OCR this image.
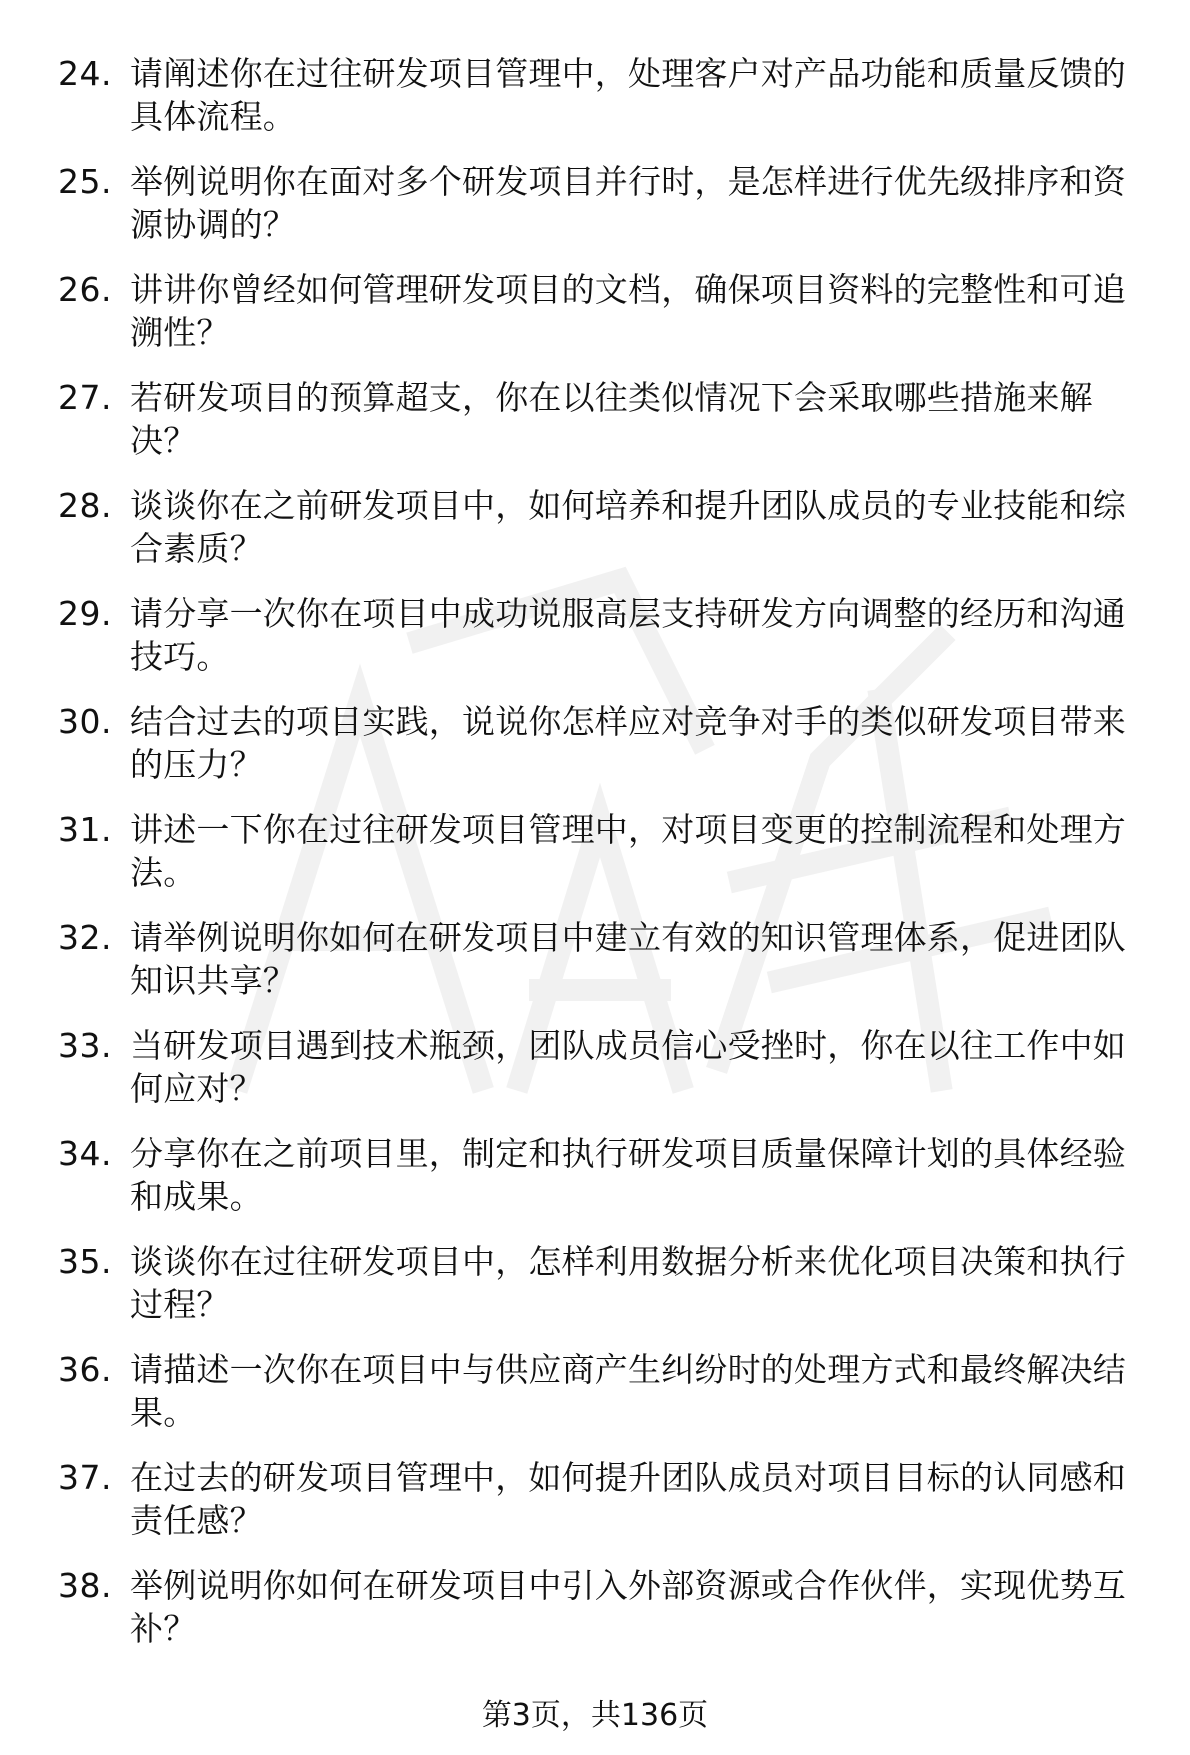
24. 请阐述你在过往研发项目管理中，处理客户对产品功能和质量反馈的具体流程。
25. 举例说明你在面对多个研发项目并行时，是怎样进行优先级排序和资源协调的？
26. 讲讲你曾经如何管理研发项目的文档，确保项目资料的完整性和可追溯性？
27. 若研发项目的预算超支，你在以往类似情况下会采取哪些措施来解决？
28. 谈谈你在之前研发项目中，如何培养和提升团队成员的专业技能和综合素质？
29. 请分享一次你在项目中成功说服高层支持研发方向调整的经历和沟通技巧。
30. 结合过去的项目实践，说说你怎样应对竞争对手的类似研发项目带来的压力？
31. 讲述一下你在过往研发项目管理中，对项目变更的控制流程和处理方法。
32. 请举例说明你如何在研发项目中建立有效的知识管理体系，促进团队知识共享？
33. 当研发项目遇到技术瓶颈，团队成员信心受挫时，你在以往工作中如何应对？
34. 分享你在之前项目里，制定和执行研发项目质量保障计划的具体经验和成果。
35. 谈谈你在过往研发项目中，怎样利用数据分析来优化项目决策和执行过程？
36. 请描述一次你在项目中与供应商产生纠纷时的处理方式和最终解决结果。
37. 在过去的研发项目管理中，如何提升团队成员对项目目标的认同感和责任感？
38. 举例说明你如何在研发项目中引入外部资源或合作伙伴，实现优势互补？
第3页，共136页
